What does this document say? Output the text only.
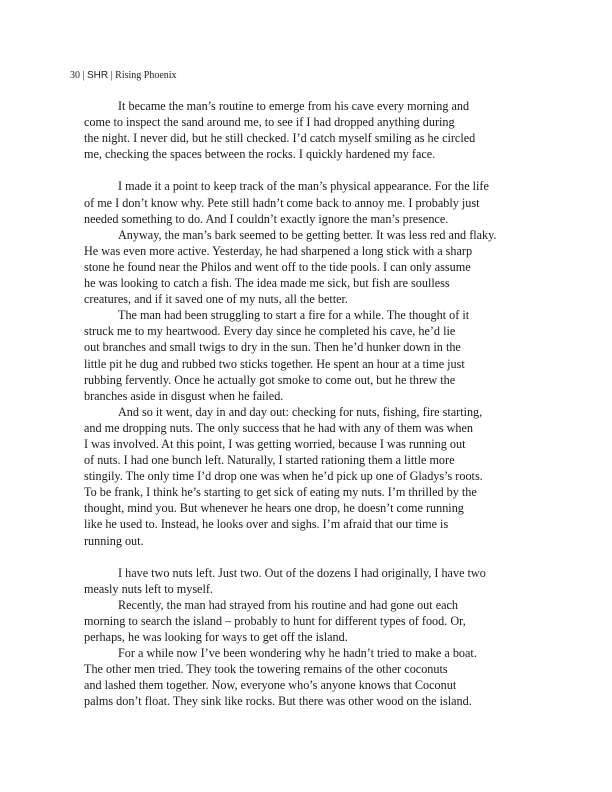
30 | SHR | Rising Phoenix

It became the man’s routine to emerge from his cave every morning and

come to inspect the sand around me, to see if I had dropped anything during

the night. I never did, but he still checked. I’d catch myself smiling as he circled

me, checking the spaces between the rocks. I quickly hardened my face.

I made it a point to keep track of the man’s physical appearance. For the life

of me I don’t know why. Pete still hadn’t come back to annoy me. I probably just

needed something to do. And I couldn’t exactly ignore the man’s presence.

Anyway, the man’s bark seemed to be getting better. It was less red and flaky.

He was even more active. Yesterday, he had sharpened a long stick with a sharp

stone he found near the Philos and went off to the tide pools. I can only assume

he was looking to catch a fish. The idea made me sick, but fish are soulless

creatures, and if it saved one of my nuts, all the better.

The man had been struggling to start a fire for a while. The thought of it

struck me to my heartwood. Every day since he completed his cave, he’d lie

out branches and small twigs to dry in the sun. Then he’d hunker down in the

little pit he dug and rubbed two sticks together. He spent an hour at a time just

rubbing fervently. Once he actually got smoke to come out, but he threw the

branches aside in disgust when he failed.

And so it went, day in and day out: checking for nuts, fishing, fire starting,

and me dropping nuts. The only success that he had with any of them was when

I was involved. At this point, I was getting worried, because I was running out

of nuts. I had one bunch left. Naturally, I started rationing them a little more

stingily. The only time I’d drop one was when he’d pick up one of Gladys’s roots.

To be frank, I think he’s starting to get sick of eating my nuts. I’m thrilled by the

thought, mind you. But whenever he hears one drop, he doesn’t come running

like he used to. Instead, he looks over and sighs. I’m afraid that our time is

running out.

I have two nuts left. Just two. Out of the dozens I had originally, I have two

measly nuts left to myself.

Recently, the man had strayed from his routine and had gone out each

morning to search the island – probably to hunt for different types of food. Or,

perhaps, he was looking for ways to get off the island.

For a while now I’ve been wondering why he hadn’t tried to make a boat.

The other men tried. They took the towering remains of the other coconuts

and lashed them together. Now, everyone who’s anyone knows that Coconut

palms don’t float. They sink like rocks. But there was other wood on the island.
